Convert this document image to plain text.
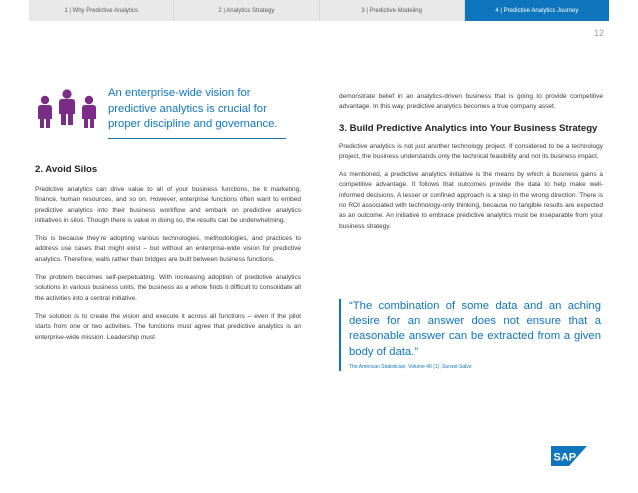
1 | Why Predictive Analytics	2 | Analytics Strategy	3 | Predictive Modeling	4 | Predictive Analytics Journey
12
An enterprise-wide vision for predictive analytics is crucial for proper discipline and governance.
2. Avoid Silos

Predictive analytics can drive value to all of your business functions, be it marketing, finance, human resources, and so on. However, enterprise functions often want to embed predictive analytics into their business workflow and embark on predictive analytics initiatives in silos. Though there is value in doing so, the results can be underwhelming.

This is because they’re adopting various technologies, methodologies, and practices to address use cases that might exist – but without an enterprise-wide vision for predictive analytics. Therefore, walls rather than bridges are built between business functions.

The problem becomes self-perpetuating. With increasing adoption of predictive analytics solutions in various business units, the business as a whole finds it difficult to consolidate all the activities into a central initiative.

The solution is to create the vision and execute it across all functions – even if the pilot starts from one or two activities. The functions must agree that predictive analytics is an enterprise-wide mission. Leadership must

demonstrate belief in an analytics-driven business that is going to provide competitive advantage. In this way, predictive analytics becomes a true company asset.

3. Build Predictive Analytics into Your Business Strategy

Predictive analytics is not just another technology project. If considered to be a technology project, the business understands only the technical feasibility and not its business impact.

As mentioned, a predictive analytics initiative is the means by which a business gains a competitive advantage. It follows that outcomes provide the data to help make well-informed decisions. A lesser or confined approach is a step in the wrong direction. There is no ROI associated with technology-only thinking, because no tangible results are expected as an outcome. An initiative to embrace predictive analytics must be inseparable from your business strategy.

“The combination of some data and an aching desire for an answer does not ensure that a reasonable answer can be extracted from a given body of data.”

The American Statistician, Volume 40 (1), Sunset Salvo

SAP
